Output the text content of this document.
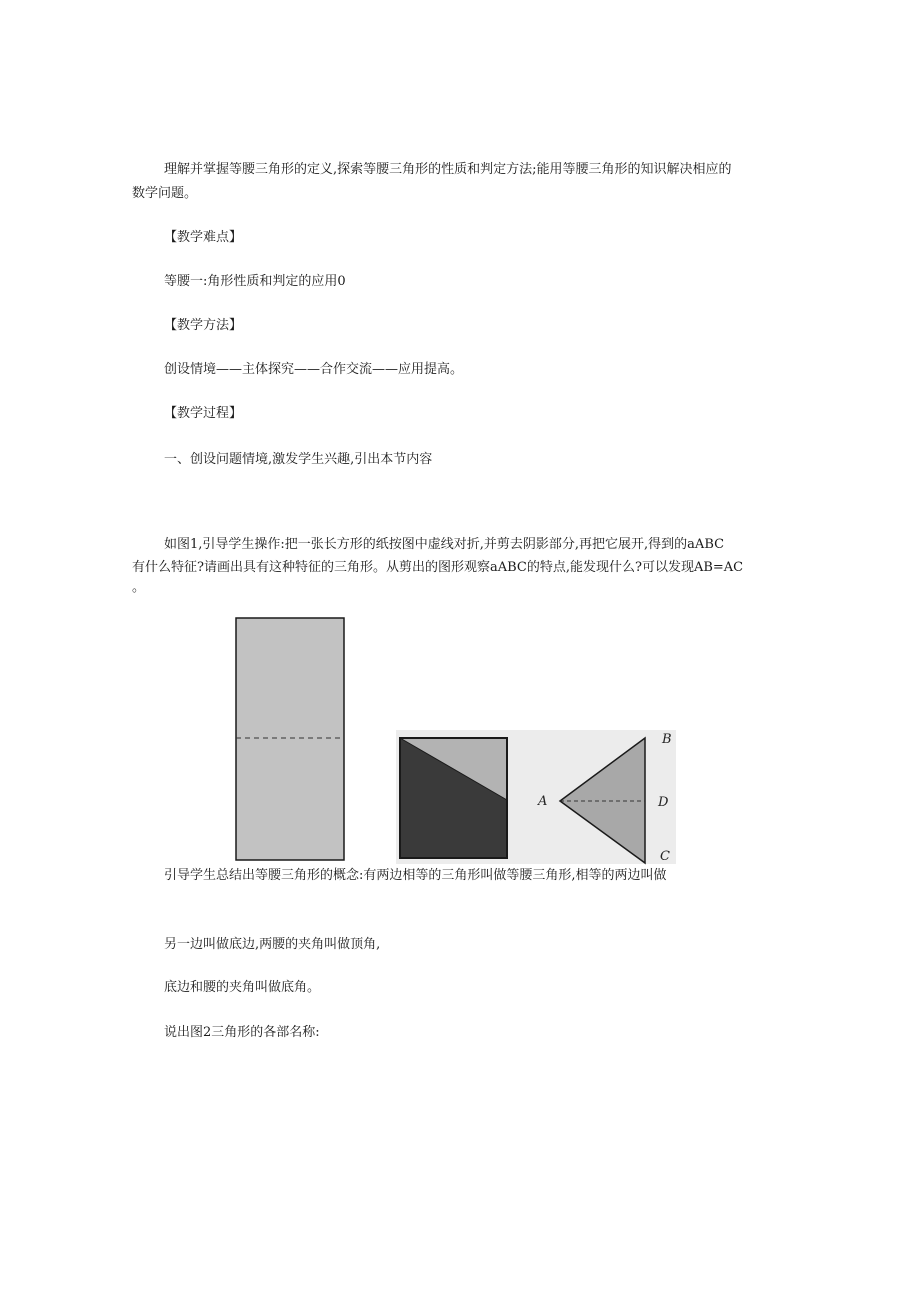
理解并掌握等腰三角形的定义,探索等腰三角形的性质和判定方法;能用等腰三角形的知识解决相应的
数学问题。
【教学难点】
等腰一:角形性质和判定的应用0
【教学方法】
创设情境——主体探究——合作交流——应用提高。
【教学过程】
一、创设问题情境,激发学生兴趣,引出本节内容
如图1,引导学生操作:把一张长方形的纸按图中虚线对折,并剪去阴影部分,再把它展开,得到的aABC
有什么特征?请画出具有这种特征的三角形。从剪出的图形观察aABC的特点,能发现什么?可以发现AB=AC
。
B
A	D
C
引导学生总结出等腰三角形的概念:有两边相等的三角形叫做等腰三角形,相等的两边叫做
另一边叫做底边,两腰的夹角叫做顶角,
底边和腰的夹角叫做底角。
说出图2三角形的各部名称:
